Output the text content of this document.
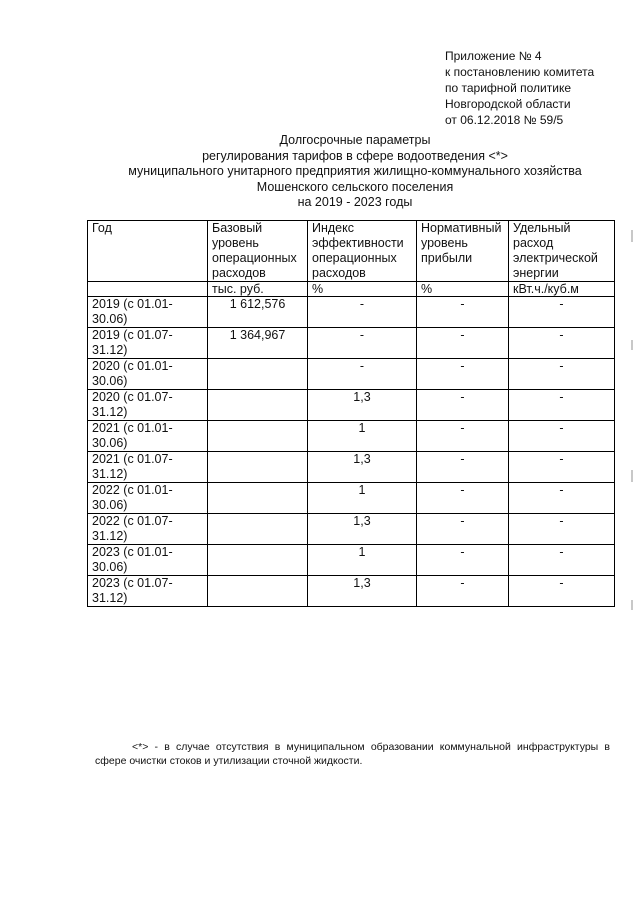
Приложение № 4
к постановлению комитета
по тарифной политике
Новгородской области
от 06.12.2018 № 59/5
Долгосрочные параметры
регулирования тарифов в сфере водоотведения <*>
муниципального унитарного предприятия жилищно-коммунального хозяйства
Мошенского сельского поселения
на 2019 - 2023 годы
Год	Базовый уровень операционных расходов	Индекс эффективности операционных расходов	Нормативный уровень прибыли	Удельный расход электрической энергии
	тыс. руб.	%	%	кВт.ч./куб.м
2019 (с 01.01-30.06)	1 612,576	-	-	-
2019 (с 01.07-31.12)	1 364,967	-	-	-
2020 (с 01.01-30.06)		-	-	-
2020 (с 01.07-31.12)		1,3	-	-
2021 (с 01.01-30.06)		1	-	-
2021 (с 01.07-31.12)		1,3	-	-
2022 (с 01.01-30.06)		1	-	-
2022 (с 01.07-31.12)		1,3	-	-
2023 (с 01.01-30.06)		1	-	-
2023 (с 01.07-31.12)		1,3	-	-
<*> - в случае отсутствия в муниципальном образовании коммунальной инфраструктуры в сфере очистки стоков и утилизации сточной жидкости.
